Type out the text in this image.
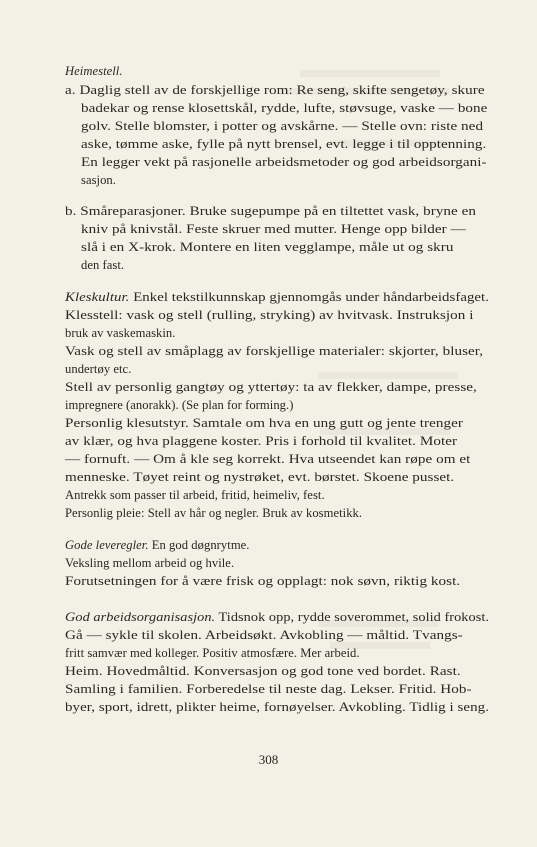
Heimestell.
a. Daglig stell av de forskjellige rom: Re seng, skifte sengetøy, skure
badekar og rense klosettskål, rydde, lufte, støvsuge, vaske — bone
golv. Stelle blomster, i potter og avskårne. — Stelle ovn: riste ned
aske, tømme aske, fylle på nytt brensel, evt. legge i til opptenning.
En legger vekt på rasjonelle arbeidsmetoder og god arbeidsorgani-
sasjon.
b. Småreparasjoner. Bruke sugepumpe på en tiltettet vask, bryne en
kniv på knivstål. Feste skruer med mutter. Henge opp bilder —
slå i en X-krok. Montere en liten vegglampe, måle ut og skru
den fast.
Kleskultur. Enkel tekstilkunnskap gjennomgås under håndarbeidsfaget.
Klesstell: vask og stell (rulling, stryking) av hvitvask. Instruksjon i
bruk av vaskemaskin.
Vask og stell av småplagg av forskjellige materialer: skjorter, bluser,
undertøy etc.
Stell av personlig gangtøy og yttertøy: ta av flekker, dampe, presse,
impregnere (anorakk). (Se plan for forming.)
Personlig klesutstyr. Samtale om hva en ung gutt og jente trenger
av klær, og hva plaggene koster. Pris i forhold til kvalitet. Moter
— fornuft. — Om å kle seg korrekt. Hva utseendet kan røpe om et
menneske. Tøyet reint og nystrøket, evt. børstet. Skoene pusset.
Antrekk som passer til arbeid, fritid, heimeliv, fest.
Personlig pleie: Stell av hår og negler. Bruk av kosmetikk.
Gode leveregler. En god døgnrytme.
Veksling mellom arbeid og hvile.
Forutsetningen for å være frisk og opplagt: nok søvn, riktig kost.
God arbeidsorganisasjon. Tidsnok opp, rydde soverommet, solid frokost.
Gå — sykle til skolen. Arbeidsøkt. Avkobling — måltid. Tvangs-
fritt samvær med kolleger. Positiv atmosfære. Mer arbeid.
Heim. Hovedmåltid. Konversasjon og god tone ved bordet. Rast.
Samling i familien. Forberedelse til neste dag. Lekser. Fritid. Hob-
byer, sport, idrett, plikter heime, fornøyelser. Avkobling. Tidlig i seng.
308
